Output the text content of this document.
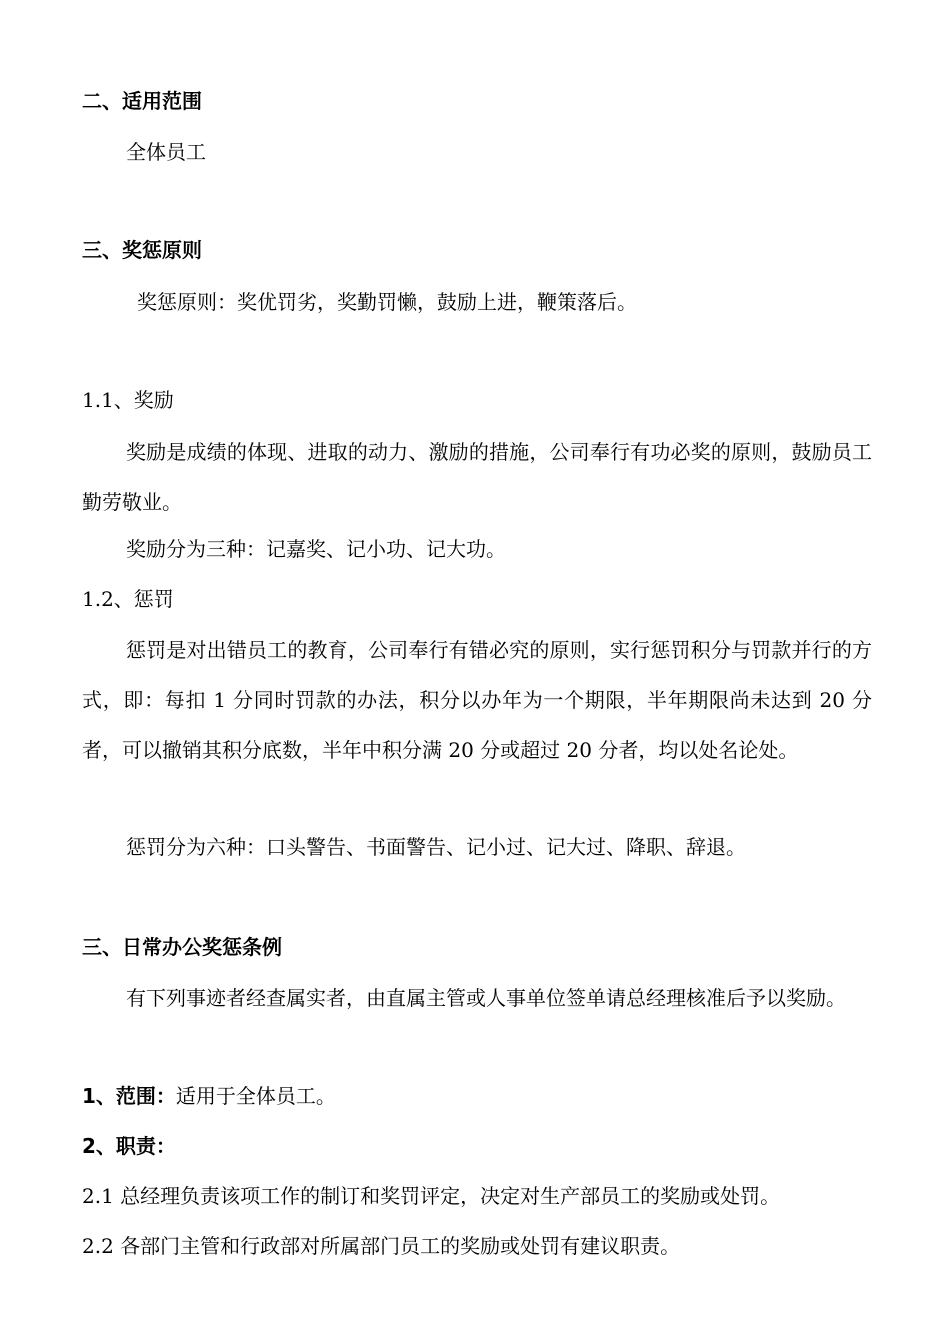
二、适用范围
全体员工
三、奖惩原则
奖惩原则：奖优罚劣，奖勤罚懒，鼓励上进，鞭策落后。
1.1、奖励
奖励是成绩的体现、进取的动力、激励的措施，公司奉行有功必奖的原则，鼓励员工勤劳敬业。
奖励分为三种：记嘉奖、记小功、记大功。
1.2、惩罚
惩罚是对出错员工的教育，公司奉行有错必究的原则，实行惩罚积分与罚款并行的方式，即：每扣 1 分同时罚款的办法，积分以办年为一个期限，半年期限尚未达到 20 分者，可以撤销其积分底数，半年中积分满 20 分或超过 20 分者，均以处名论处。
惩罚分为六种：口头警告、书面警告、记小过、记大过、降职、辞退。
三、日常办公奖惩条例
有下列事迹者经查属实者，由直属主管或人事单位签单请总经理核准后予以奖励。
1、范围：适用于全体员工。
2、职责：
2.1 总经理负责该项工作的制订和奖罚评定，决定对生产部员工的奖励或处罚。
2.2 各部门主管和行政部对所属部门员工的奖励或处罚有建议职责。
